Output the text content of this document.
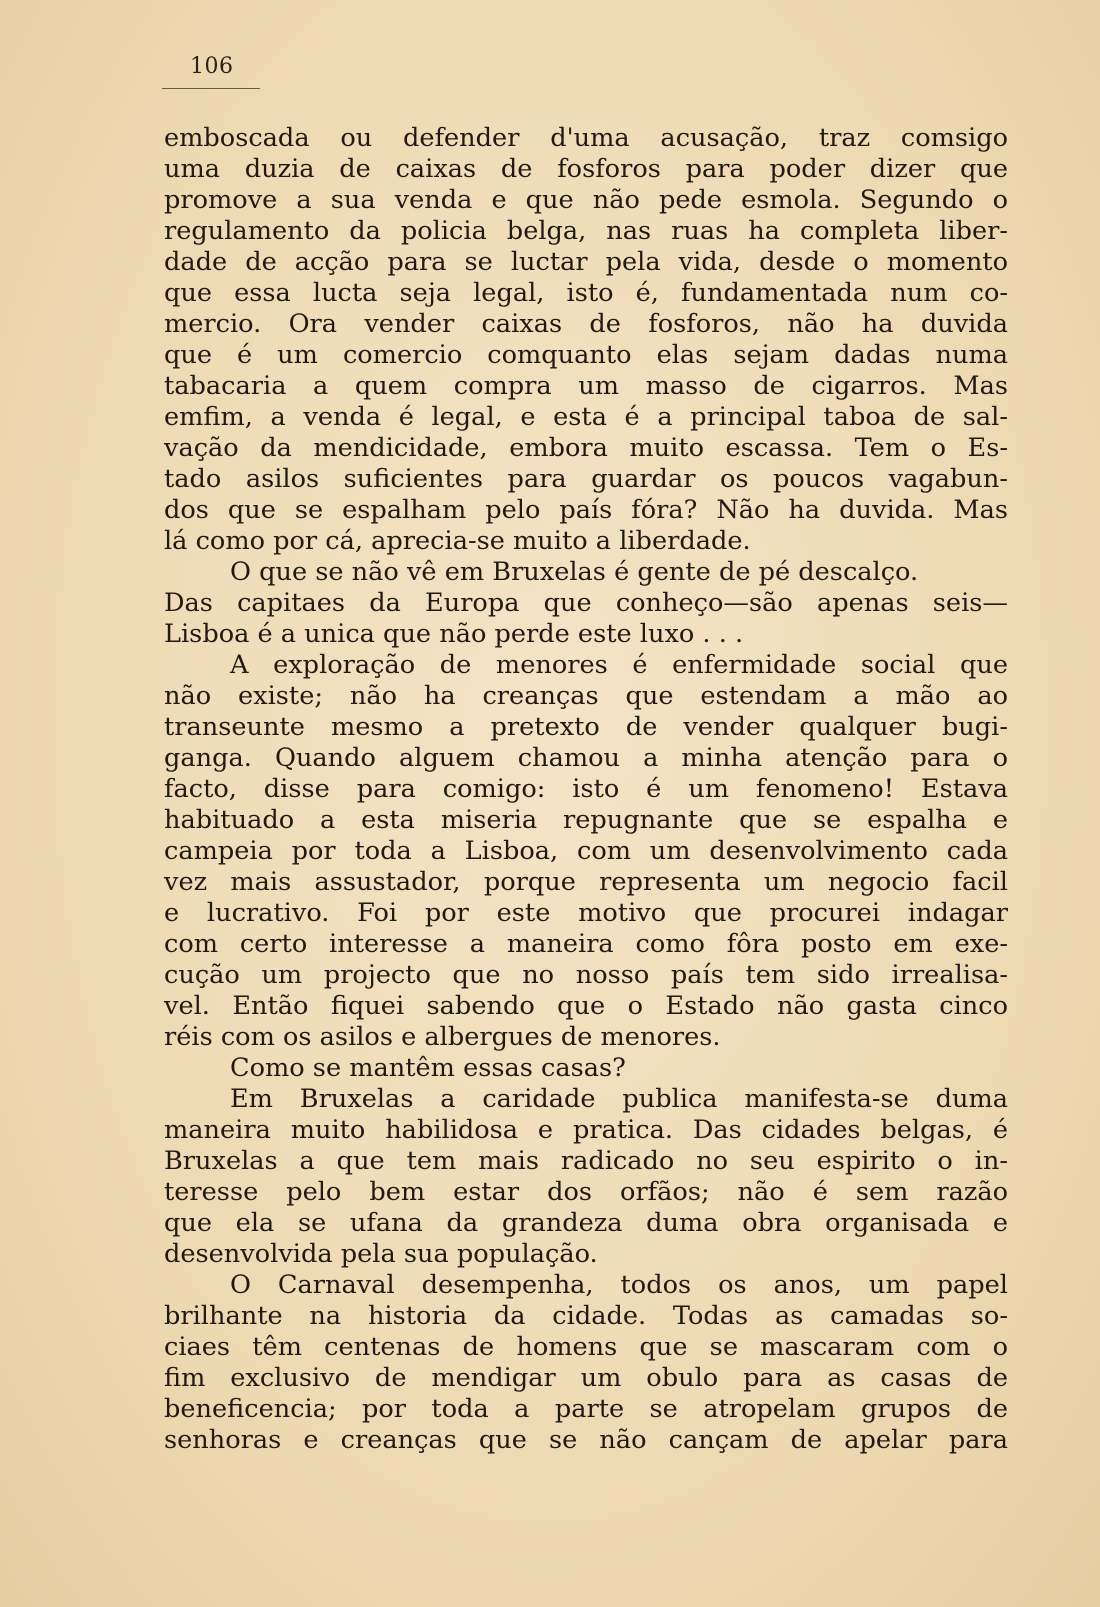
106
emboscada ou defender d'uma acusação, traz comsigo
uma duzia de caixas de fosforos para poder dizer que
promove a sua venda e que não pede esmola. Segundo o
regulamento da policia belga, nas ruas ha completa liber-
dade de acção para se luctar pela vida, desde o momento
que essa lucta seja legal, isto é, fundamentada num co-
mercio. Ora vender caixas de fosforos, não ha duvida
que é um comercio comquanto elas sejam dadas numa
tabacaria a quem compra um masso de cigarros. Mas
emfim, a venda é legal, e esta é a principal taboa de sal-
vação da mendicidade, embora muito escassa. Tem o Es-
tado asilos suficientes para guardar os poucos vagabun-
dos que se espalham pelo país fóra? Não ha duvida. Mas
lá como por cá, aprecia-se muito a liberdade.
O que se não vê em Bruxelas é gente de pé descalço.
Das capitaes da Europa que conheço—são apenas seis—
Lisboa é a unica que não perde este luxo . . .
A exploração de menores é enfermidade social que
não existe; não ha creanças que estendam a mão ao
transeunte mesmo a pretexto de vender qualquer bugi-
ganga. Quando alguem chamou a minha atenção para o
facto, disse para comigo: isto é um fenomeno! Estava
habituado a esta miseria repugnante que se espalha e
campeia por toda a Lisboa, com um desenvolvimento cada
vez mais assustador, porque representa um negocio facil
e lucrativo. Foi por este motivo que procurei indagar
com certo interesse a maneira como fôra posto em exe-
cução um projecto que no nosso país tem sido irrealisa-
vel. Então fiquei sabendo que o Estado não gasta cinco
réis com os asilos e albergues de menores.
Como se mantêm essas casas?
Em Bruxelas a caridade publica manifesta-se duma
maneira muito habilidosa e pratica. Das cidades belgas, é
Bruxelas a que tem mais radicado no seu espirito o in-
teresse pelo bem estar dos orfãos; não é sem razão
que ela se ufana da grandeza duma obra organisada e
desenvolvida pela sua população.
O Carnaval desempenha, todos os anos, um papel
brilhante na historia da cidade. Todas as camadas so-
ciaes têm centenas de homens que se mascaram com o
fim exclusivo de mendigar um obulo para as casas de
beneficencia; por toda a parte se atropelam grupos de
senhoras e creanças que se não cançam de apelar para
